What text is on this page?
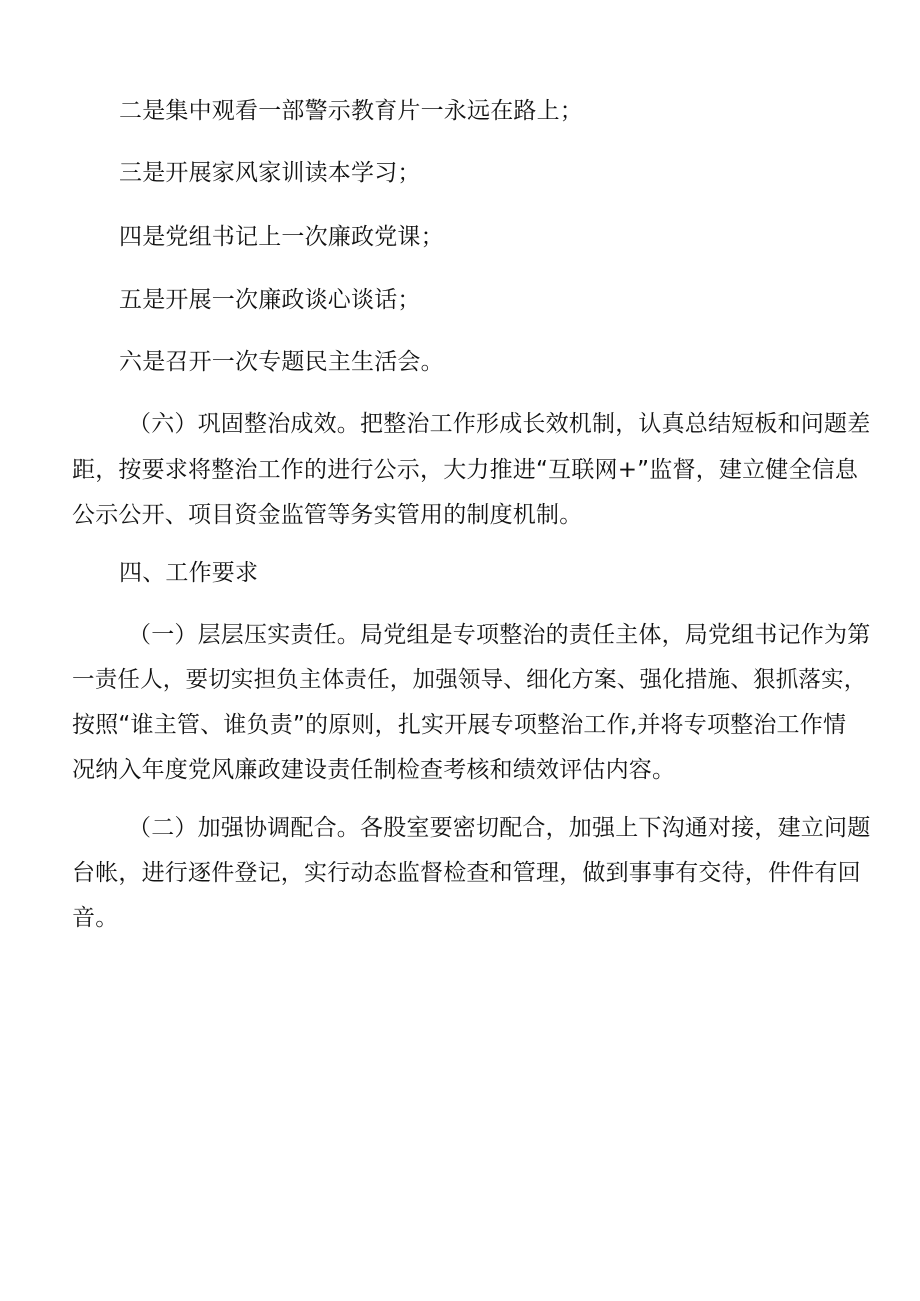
二是集中观看一部警示教育片一永远在路上；
三是开展家风家训读本学习；
四是党组书记上一次廉政党课；
五是开展一次廉政谈心谈话；
六是召开一次专题民主生活会。
（六）巩固整治成效。把整治工作形成长效机制，认真总结短板和问题差
距，按要求将整治工作的进行公示，大力推进“互联网+”监督，建立健全信息
公示公开、项目资金监管等务实管用的制度机制。
四、工作要求
（一）层层压实责任。局党组是专项整治的责任主体，局党组书记作为第
一责任人，要切实担负主体责任，加强领导、细化方案、强化措施、狠抓落实，
按照“谁主管、谁负责”的原则，扎实开展专项整治工作,并将专项整治工作情
况纳入年度党风廉政建设责任制检查考核和绩效评估内容。
（二）加强协调配合。各股室要密切配合，加强上下沟通对接，建立问题
台帐，进行逐件登记，实行动态监督检查和管理，做到事事有交待，件件有回
音。
